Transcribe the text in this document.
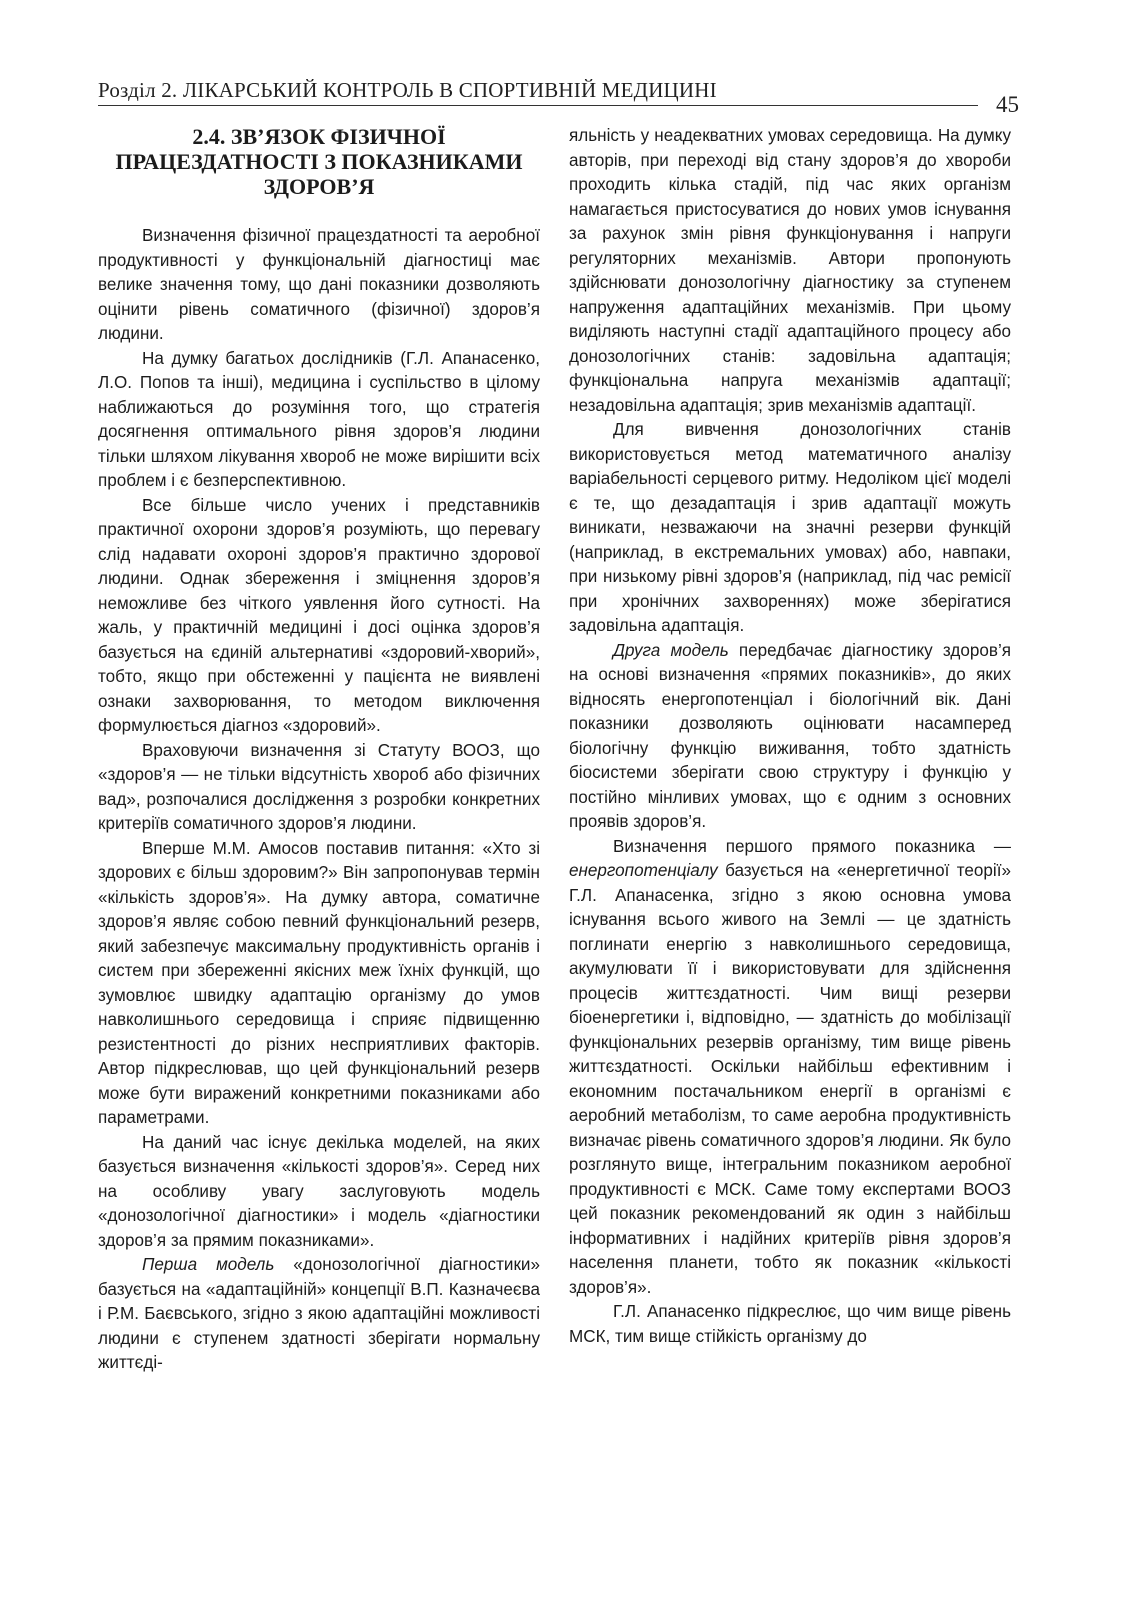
Розділ 2. ЛІКАРСЬКИЙ КОНТРОЛЬ В СПОРТИВНІЙ МЕДИЦИНІ
45
2.4. ЗВ’ЯЗОК ФІЗИЧНОЇ ПРАЦЕЗДАТНОСТІ З ПОКАЗНИКАМИ ЗДОРОВ’Я

Визначення фізичної працездатності та аеробної продуктивності у функціональній діагностиці має велике значення тому, що дані показники дозволяють оцінити рівень соматичного (фізичної) здоров’я людини.

На думку багатьох дослідників (Г.Л. Апанасенко, Л.О. Попов та інші), медицина і суспільство в цілому наближаються до розуміння того, що стратегія досягнення оптимального рівня здоров’я людини тільки шляхом лікування хвороб не може вирішити всіх проблем і є безперспективною.

Все більше число учених і представників практичної охорони здоров’я розуміють, що перевагу слід надавати охороні здоров’я практично здорової людини. Однак збереження і зміцнення здоров’я неможливе без чіткого уявлення його сутності. На жаль, у практичній медицині і досі оцінка здоров’я базується на єдиній альтернативі «здоровий-хворий», тобто, якщо при обстеженні у пацієнта не виявлені ознаки захворювання, то методом виключення формулюється діагноз «здоровий».

Враховуючи визначення зі Статуту ВООЗ, що «здоров’я — не тільки відсутність хвороб або фізичних вад», розпочалися дослідження з розробки конкретних критеріїв соматичного здоров’я людини.

Вперше М.М. Амосов поставив питання: «Хто зі здорових є більш здоровим?» Він запропонував термін «кількість здоров’я». На думку автора, соматичне здоров’я являє собою певний функціональний резерв, який забезпечує максимальну продуктивність органів і систем при збереженні якісних меж їхніх функцій, що зумовлює швидку адаптацію організму до умов навколишнього середовища і сприяє підвищенню резистентності до різних несприятливих факторів. Автор підкреслював, що цей функціональний резерв може бути виражений конкретними показниками або параметрами.

На даний час існує декілька моделей, на яких базується визначення «кількості здоров’я». Серед них на особливу увагу заслуговують модель «донозологічної діагностики» і модель «діагностики здоров’я за прямим показниками».

Перша модель «донозологічної діагностики» базується на «адаптаційній» концепції В.П. Казначеєва і Р.М. Баєвського, згідно з якою адаптаційні можливості людини є ступенем здатності зберігати нормальну життєді-

яльність у неадекватних умовах середовища. На думку авторів, при переході від стану здоров’я до хвороби проходить кілька стадій, під час яких організм намагається пристосуватися до нових умов існування за рахунок змін рівня функціонування і напруги регуляторних механізмів. Автори пропонують здійснювати донозологічну діагностику за ступенем напруження адаптаційних механізмів. При цьому виділяють наступні стадії адаптаційного процесу або донозологічних станів: задовільна адаптація; функціональна напруга механізмів адаптації; незадовільна адаптація; зрив механізмів адаптації.

Для вивчення донозологічних станів використовується метод математичного аналізу варіабельності серцевого ритму. Недоліком цієї моделі є те, що дезадаптація і зрив адаптації можуть виникати, незважаючи на значні резерви функцій (наприклад, в екстремальних умовах) або, навпаки, при низькому рівні здоров’я (наприклад, під час ремісії при хронічних захвореннях) може зберігатися задовільна адаптація.

Друга модель передбачає діагностику здоров’я на основі визначення «прямих показників», до яких відносять енергопотенціал і біологічний вік. Дані показники дозволяють оцінювати насамперед біологічну функцію виживання, тобто здатність біосистеми зберігати свою структуру і функцію у постійно мінливих умовах, що є одним з основних проявів здоров’я.

Визначення першого прямого показника — енергопотенціалу базується на «енергетичної теорії» Г.Л. Апанасенка, згідно з якою основна умова існування всього живого на Землі — це здатність поглинати енергію з навколишнього середовища, акумулювати її і використовувати для здійснення процесів життєздатності. Чим вищі резерви біоенергетики і, відповідно, — здатність до мобілізації функціональних резервів організму, тим вище рівень життєздатності. Оскільки найбільш ефективним і економним постачальником енергії в організмі є аеробний метаболізм, то саме аеробна продуктивність визначає рівень соматичного здоров’я людини. Як було розглянуто вище, інтегральним показником аеробної продуктивності є МСК. Саме тому експертами ВООЗ цей показник рекомендований як один з найбільш інформативних і надійних критеріїв рівня здоров’я населення планети, тобто як показник «кількості здоров’я».

Г.Л. Апанасенко підкреслює, що чим вище рівень МСК, тим вище стійкість організму до
